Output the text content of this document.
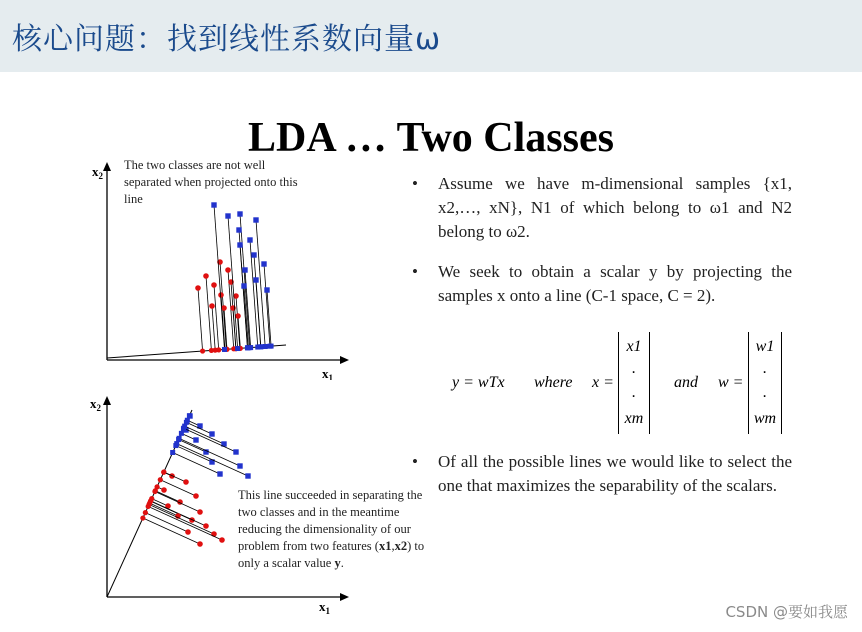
核心问题：找到线性系数向量ω
LDA … Two Classes
$x_2$
$x_1$
The two classes are not well separated when projected onto this line
$x_2$
$x_1$
This line succeeded in separating the two classes and in the meantime reducing the dimensionality of our problem from two features (x1,x2) to only a scalar value y.
• Assume we have m-dimensional samples {x1, x2,…, xN}, N1 of which belong to ω1 and N2 belong to ω2.
• We seek to obtain a scalar y by projecting the samples x onto a line (C-1 space, C = 2).
y = wTx where x =
x1
.
.
xm
and w =
w1
.
.
wm
• Of all the possible lines we would like to select the one that maximizes the separability of the scalars.
CSDN @要如我愿
